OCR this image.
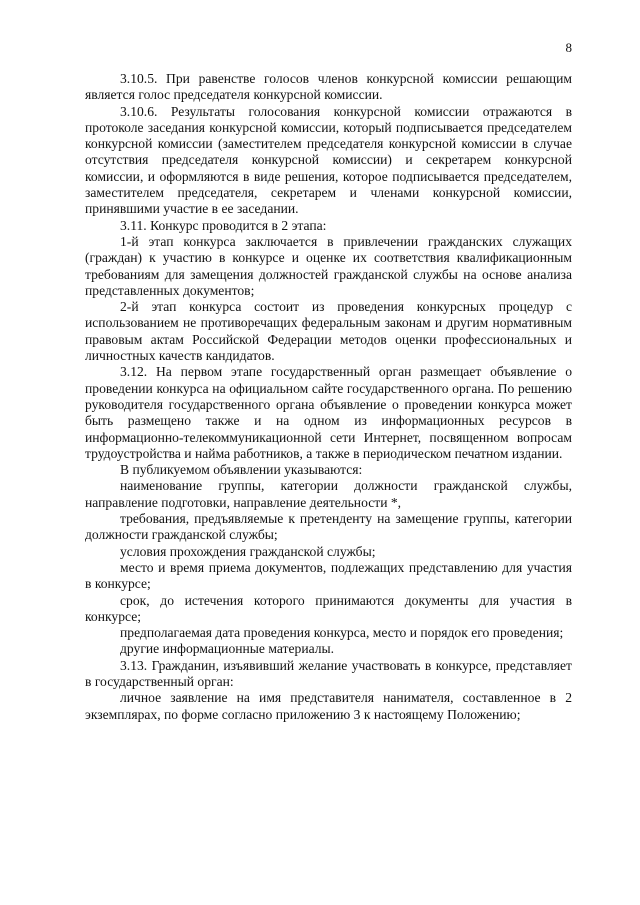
8

3.10.5. При равенстве голосов членов конкурсной комиссии решающим является голос председателя конкурсной комиссии.

3.10.6. Результаты голосования конкурсной комиссии отражаются в протоколе заседания конкурсной комиссии, который подписывается председателем конкурсной комиссии (заместителем председателя конкурсной комиссии в случае отсутствия председателя конкурсной комиссии) и секретарем конкурсной комиссии, и оформляются в виде решения, которое подписывается председателем, заместителем председателя, секретарем и членами конкурсной комиссии, принявшими участие в ее заседании.

3.11. Конкурс проводится в 2 этапа:

1-й этап конкурса заключается в привлечении гражданских служащих (граждан) к участию в конкурсе и оценке их соответствия квалификационным требованиям для замещения должностей гражданской службы на основе анализа представленных документов;

2-й этап конкурса состоит из проведения конкурсных процедур с использованием не противоречащих федеральным законам и другим нормативным правовым актам Российской Федерации методов оценки профессиональных и личностных качеств кандидатов.

3.12. На первом этапе государственный орган размещает объявление о проведении конкурса на официальном сайте государственного органа. По решению руководителя государственного органа объявление о проведении конкурса может быть размещено также и на одном из информационных ресурсов в информационно-телекоммуникационной сети Интернет, посвященном вопросам трудоустройства и найма работников, а также в периодическом печатном издании.

В публикуемом объявлении указываются:

наименование группы, категории должности гражданской службы, направление подготовки, направление деятельности *,

требования, предъявляемые к претенденту на замещение группы, категории должности гражданской службы;

условия прохождения гражданской службы;

место и время приема документов, подлежащих представлению для участия в конкурсе;

срок, до истечения которого принимаются документы для участия в конкурсе;

предполагаемая дата проведения конкурса, место и порядок его проведения;

другие информационные материалы.

3.13. Гражданин, изъявивший желание участвовать в конкурсе, представляет в государственный орган:

личное заявление на имя представителя нанимателя, составленное в 2 экземплярах, по форме согласно приложению 3 к настоящему Положению;
